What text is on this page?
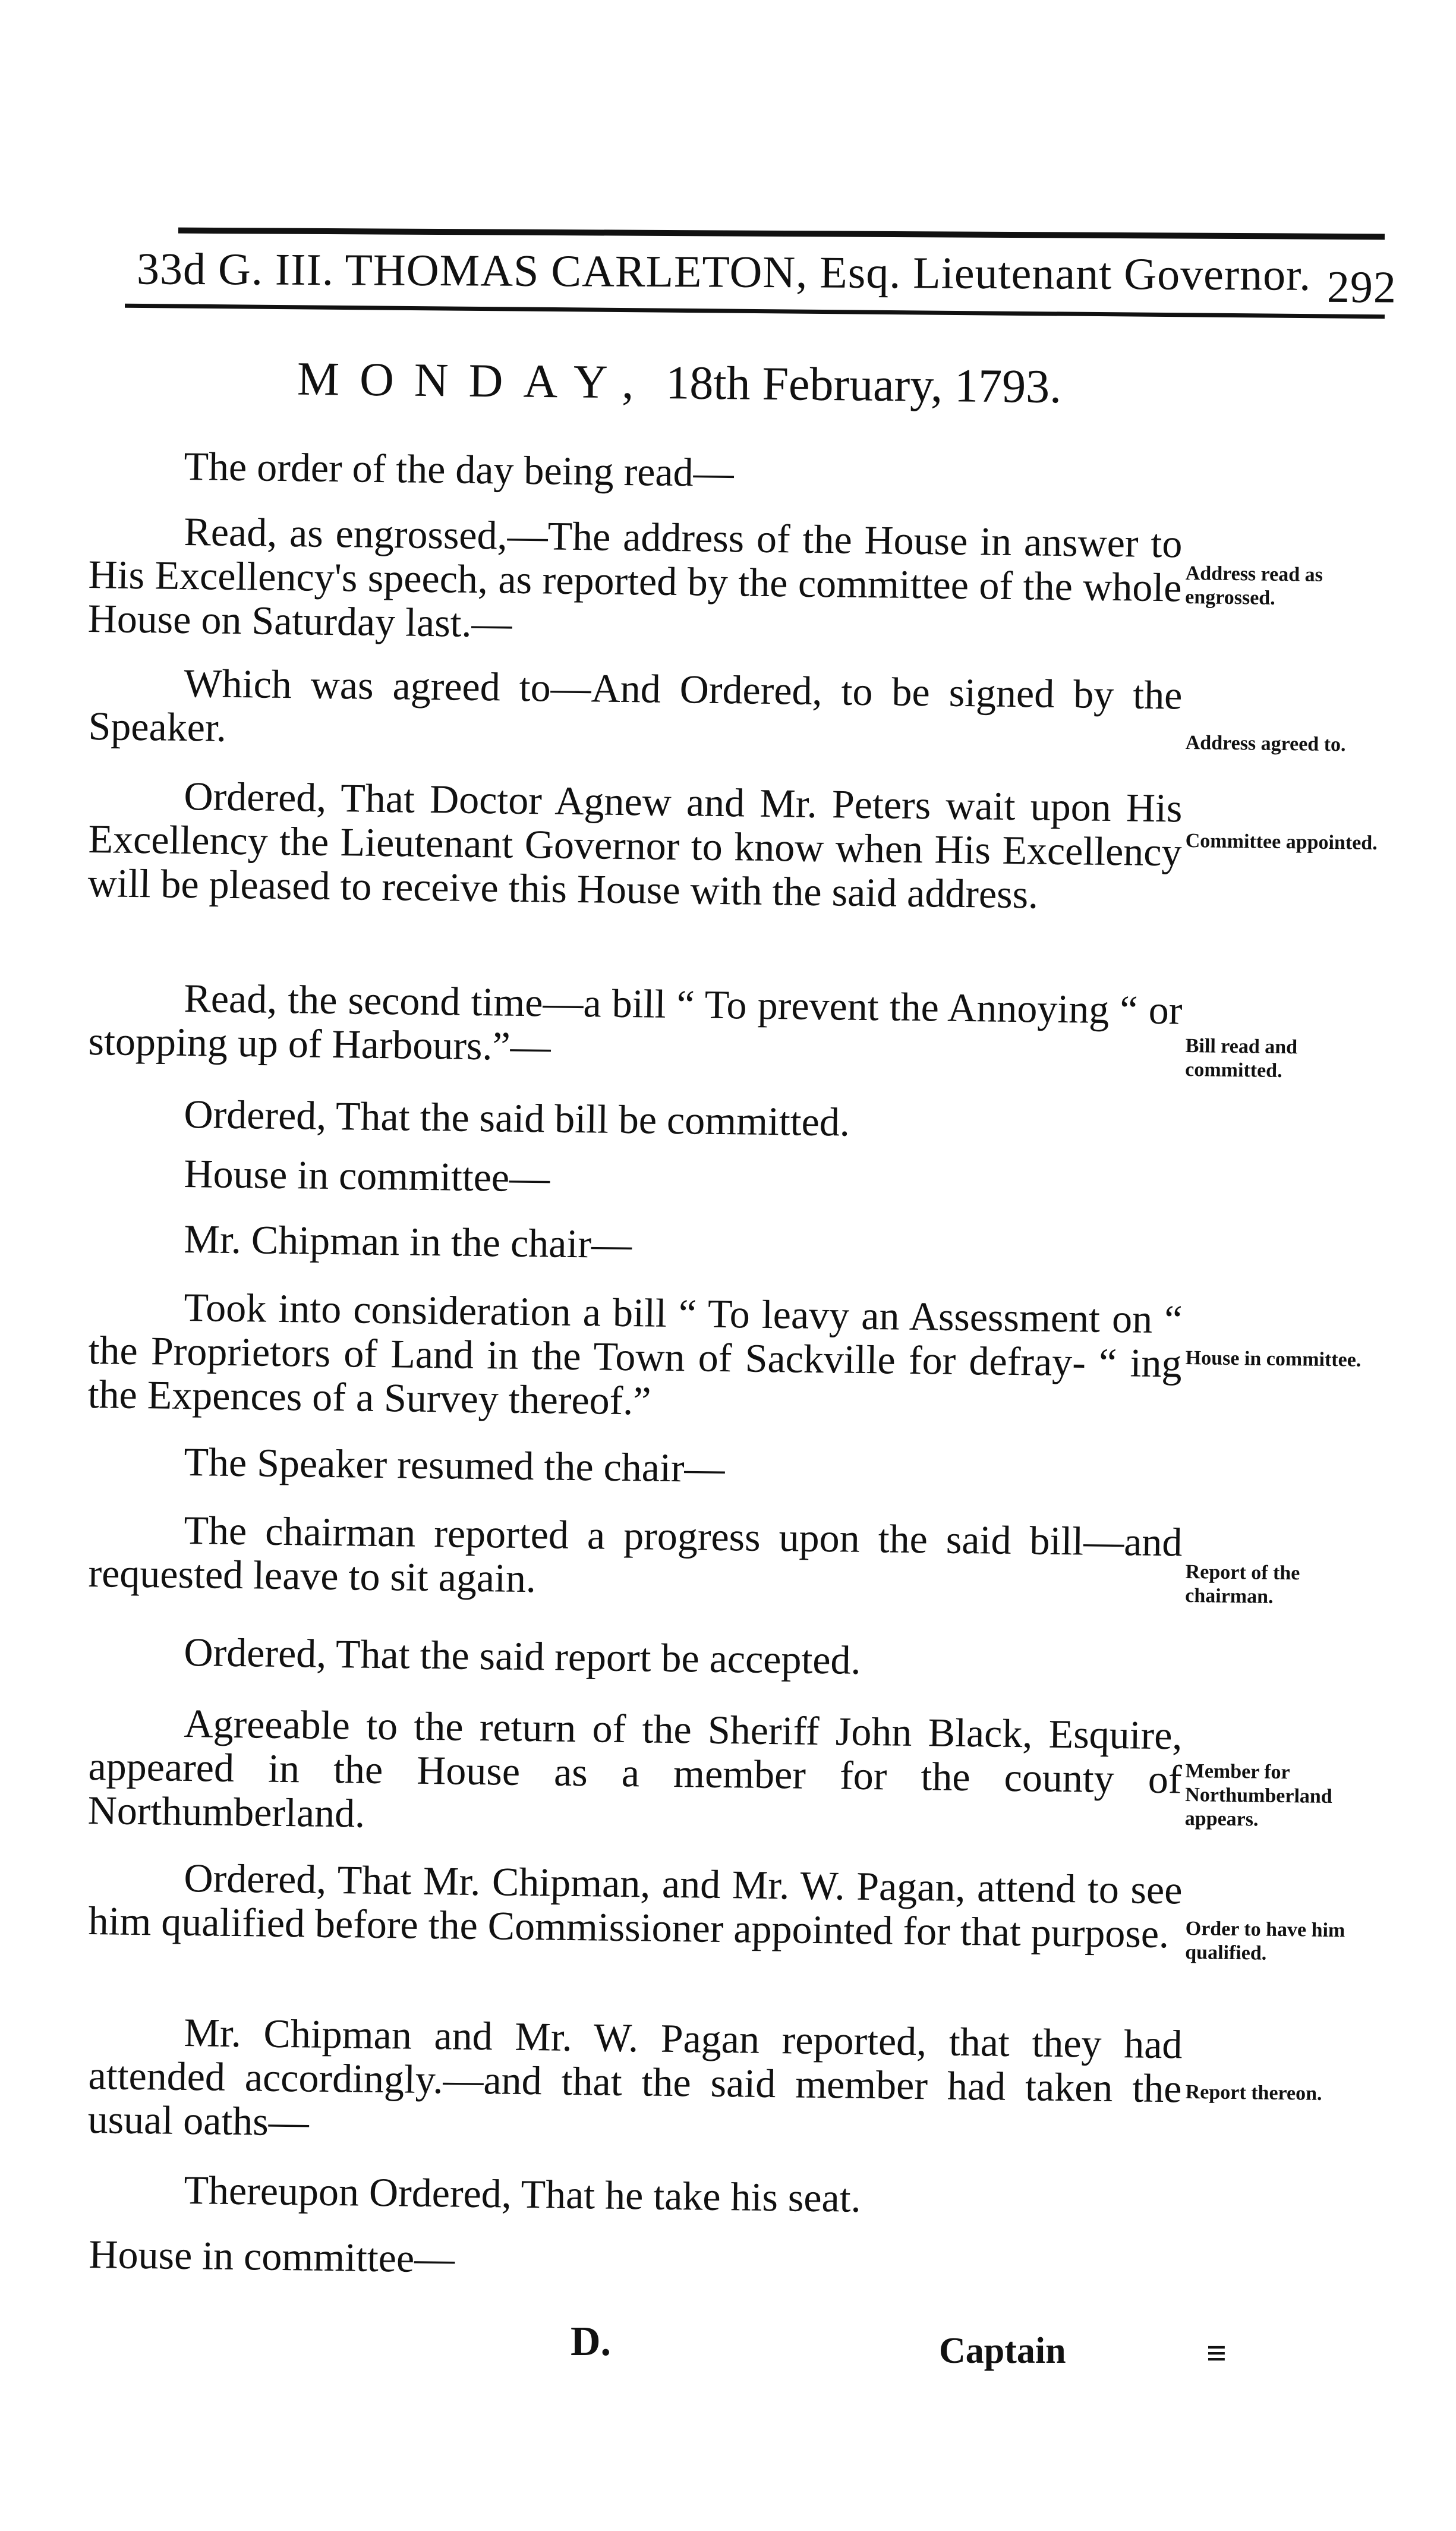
33d G. III. THOMAS CARLETON, Esq. Lieutenant Governor. 292
MONDAY, 18th February, 1793.
The order of the day being read—
Read, as engrossed,—The address of the House in answer to His Excellency's speech, as reported by the committee of the whole House on Saturday last.—
Address read as engrossed.
Which was agreed to—And Ordered, to be signed by the Speaker.	Address agreed to.
Ordered, That Doctor Agnew and Mr. Peters wait upon His Excellency the Lieutenant Governor to know when His Excellency will be pleased to receive this House with the said address.
Committee appointed.
Read, the second time—a bill “ To prevent the Annoying “ or stopping up of Harbours.”—	Bill read and committed.
Ordered, That the said bill be committed.
House in committee—
Mr. Chipman in the chair—
Took into consideration a bill “ To leavy an Assessment on “ the Proprietors of Land in the Town of Sackville for defray- “ ing the Expences of a Survey thereof.”
House in committee.
The Speaker resumed the chair—
The chairman reported a progress upon the said bill—and requested leave to sit again.	Report of the chairman.
Ordered, That the said report be accepted.
Agreeable to the return of the Sheriff John Black, Esquire, appeared in the House as a member for the county of Northumberland.
Member for Northumberland appears.
Ordered, That Mr. Chipman, and Mr. W. Pagan, attend to see him qualified before the Commissioner appointed for that purpose. Order to have him qualified.
Mr. Chipman and Mr. W. Pagan reported, that they had attended accordingly.—and that the said member had taken the usual oaths—
Report thereon.
Thereupon Ordered, That he take his seat.
House in committee—
D.	Captain	≡
